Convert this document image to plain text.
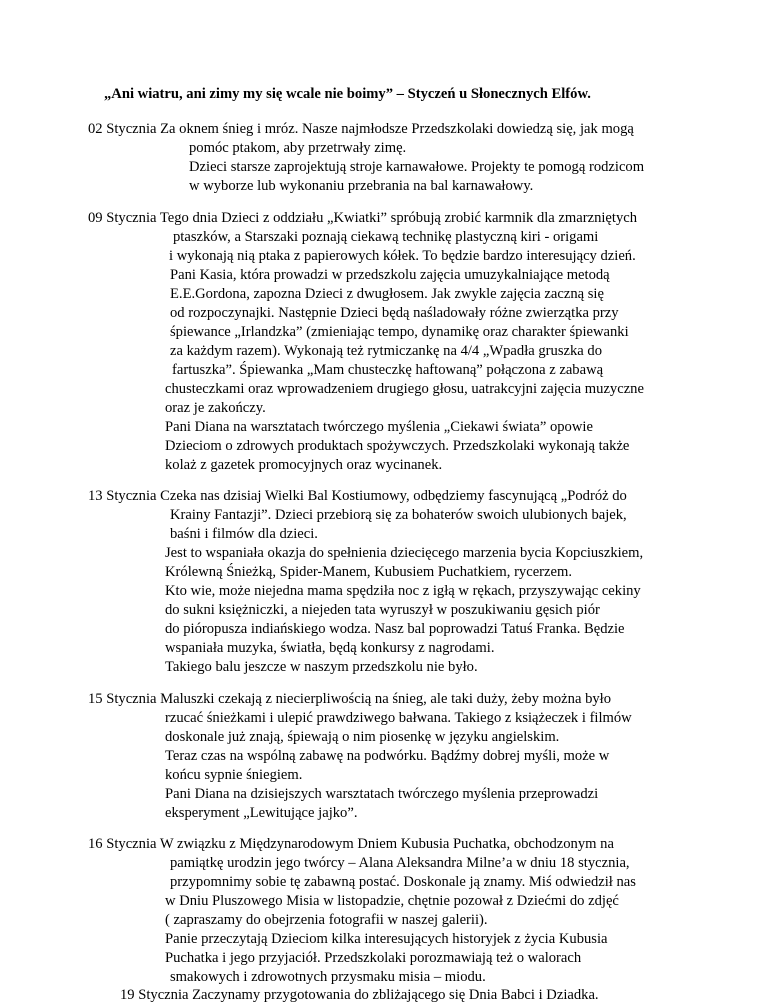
„Ani wiatru, ani zimy my się wcale nie boimy” – Styczeń u Słonecznych Elfów.
02 Stycznia Za oknem śnieg i mróz. Nasze najmłodsze Przedszkolaki dowiedzą się, jak mogą
pomóc ptakom, aby przetrwały zimę.
Dzieci starsze zaprojektują stroje karnawałowe. Projekty te pomogą rodzicom
w wyborze lub wykonaniu przebrania na bal karnawałowy.
09 Stycznia Tego dnia Dzieci z oddziału „Kwiatki” spróbują zrobić karmnik dla zmarzniętych
ptaszków, a Starszaki poznają ciekawą technikę plastyczną kiri - origami
i wykonają nią ptaka z papierowych kółek. To będzie bardzo interesujący dzień.
Pani Kasia, która prowadzi w przedszkolu zajęcia umuzykalniające metodą
E.E.Gordona, zapozna Dzieci z dwugłosem. Jak zwykle zajęcia zaczną się
od rozpoczynajki. Następnie Dzieci będą naśladowały różne zwierzątka przy
śpiewance „Irlandzka” (zmieniając tempo, dynamikę oraz charakter śpiewanki
za każdym razem). Wykonają też rytmiczankę na 4/4 „Wpadła gruszka do
fartuszka”. Śpiewanka „Mam chusteczkę haftowaną” połączona z zabawą
chusteczkami oraz wprowadzeniem drugiego głosu, uatrakcyjni zajęcia muzyczne
oraz je zakończy.
Pani Diana na warsztatach twórczego myślenia „Ciekawi świata” opowie
Dzieciom o zdrowych produktach spożywczych. Przedszkolaki wykonają także
kolaż z gazetek promocyjnych oraz wycinanek.
13 Stycznia Czeka nas dzisiaj Wielki Bal Kostiumowy, odbędziemy fascynującą „Podróż do
Krainy Fantazji”. Dzieci przebiorą się za bohaterów swoich ulubionych bajek,
baśni i filmów dla dzieci.
Jest to wspaniała okazja do spełnienia dziecięcego marzenia bycia Kopciuszkiem,
Królewną Śnieżką, Spider-Manem, Kubusiem Puchatkiem, rycerzem.
Kto wie, może niejedna mama spędziła noc z igłą w rękach, przyszywając cekiny
do sukni księżniczki, a niejeden tata wyruszył w poszukiwaniu gęsich piór
do pióropusza indiańskiego wodza. Nasz bal poprowadzi Tatuś Franka. Będzie
wspaniała muzyka, światła, będą konkursy z nagrodami.
Takiego balu jeszcze w naszym przedszkolu nie było.
15 Stycznia Maluszki czekają z niecierpliwością na śnieg, ale taki duży, żeby można było
rzucać śnieżkami i ulepić prawdziwego bałwana. Takiego z książeczek i filmów
doskonale już znają, śpiewają o nim piosenkę w języku angielskim.
Teraz czas na wspólną zabawę na podwórku. Bądźmy dobrej myśli, może w
końcu sypnie śniegiem.
Pani Diana na dzisiejszych warsztatach twórczego myślenia przeprowadzi
eksperyment „Lewitujące jajko”.
16 Stycznia W związku z Międzynarodowym Dniem Kubusia Puchatka, obchodzonym na
pamiątkę urodzin jego twórcy – Alana Aleksandra Milne’a w dniu 18 stycznia,
przypomnimy sobie tę zabawną postać. Doskonale ją znamy. Miś odwiedził nas
w Dniu Pluszowego Misia w listopadzie, chętnie pozował z Dziećmi do zdjęć
( zapraszamy do obejrzenia fotografii w naszej galerii).
Panie przeczytają Dzieciom kilka interesujących historyjek z życia Kubusia
Puchatka i jego przyjaciół. Przedszkolaki porozmawiają też o walorach
smakowych i zdrowotnych przysmaku misia – miodu.
19 Stycznia Zaczynamy przygotowania do zbliżającego się Dnia Babci i Dziadka.
